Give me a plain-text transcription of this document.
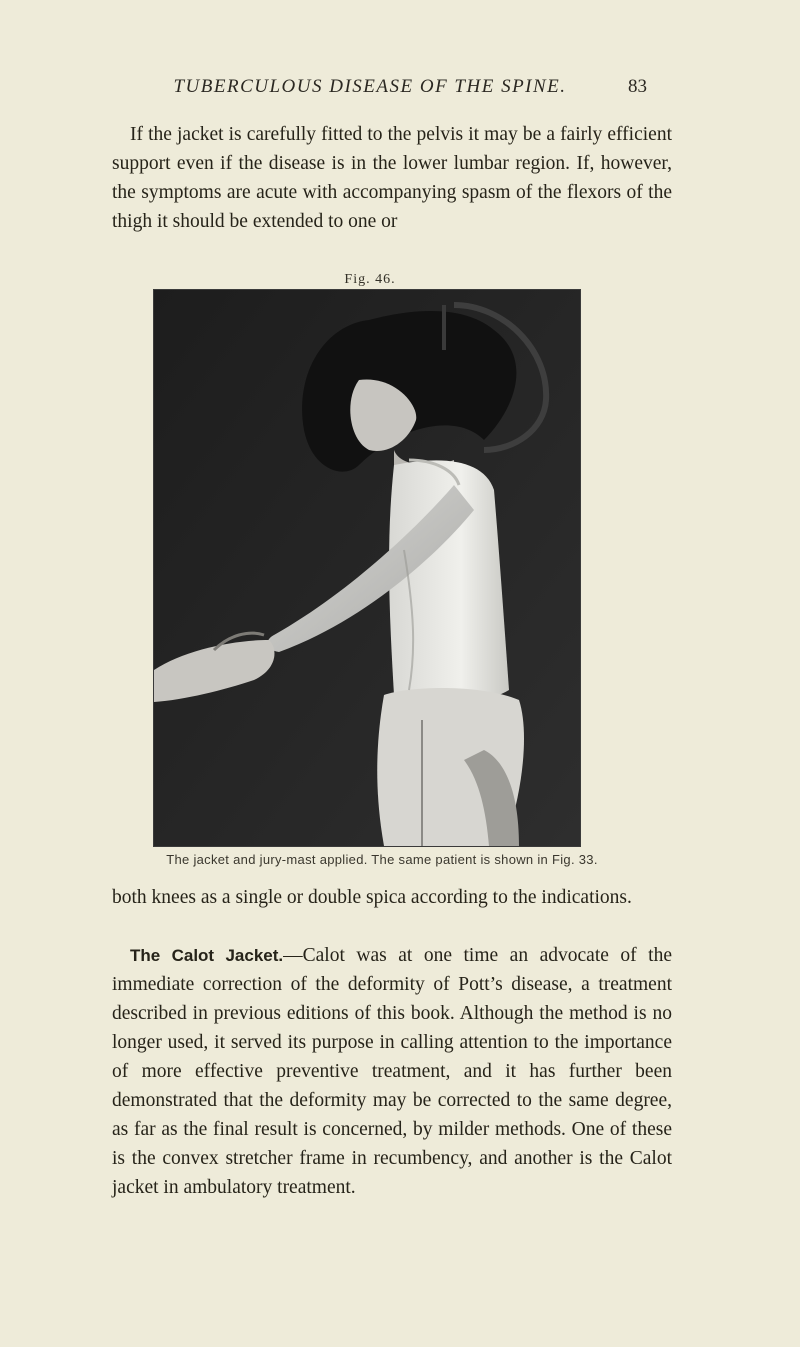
TUBERCULOUS DISEASE OF THE SPINE.	83

If the jacket is carefully fitted to the pelvis it may be a fairly efficient support even if the disease is in the lower lumbar region. If, however, the symptoms are acute with accompanying spasm of the flexors of the thigh it should be extended to one or

Fig. 46.
The jacket and jury-mast applied. The same patient is shown in Fig. 33.

both knees as a single or double spica according to the indications.

The Calot Jacket.—Calot was at one time an advocate of the immediate correction of the deformity of Pott’s disease, a treatment described in previous editions of this book. Although the method is no longer used, it served its purpose in calling attention to the importance of more effective preventive treatment, and it has further been demonstrated that the deformity may be corrected to the same degree, as far as the final result is concerned, by milder methods. One of these is the convex stretcher frame in recumbency, and another is the Calot jacket in ambulatory treatment.
